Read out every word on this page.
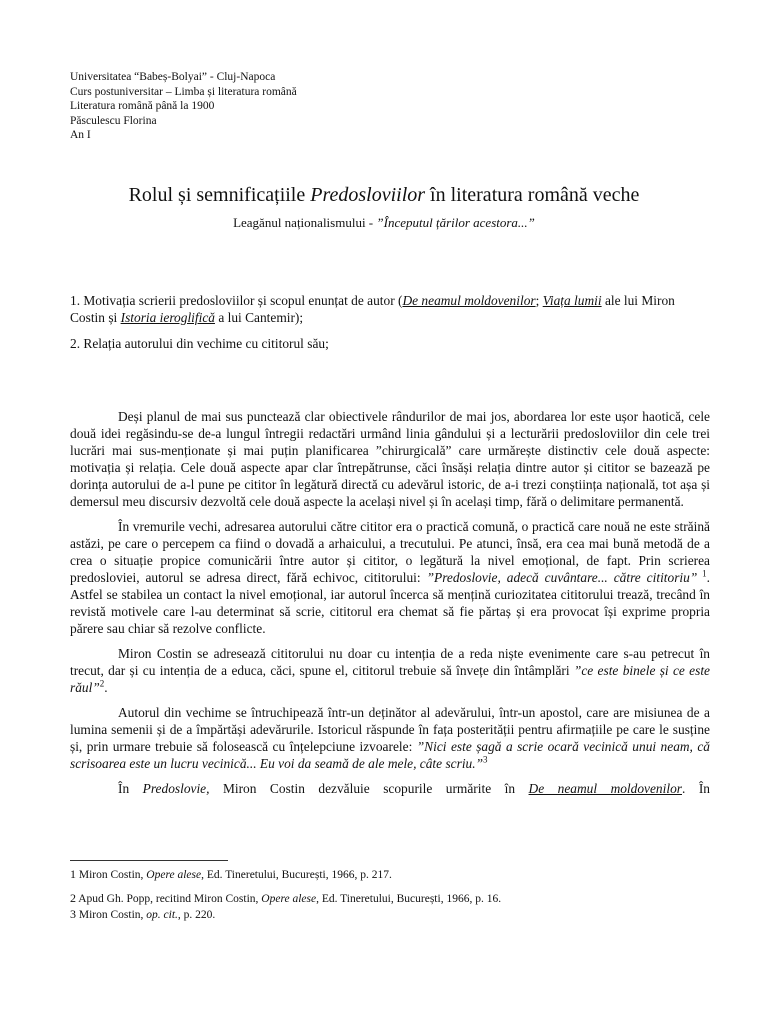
Universitatea “Babeș-Bolyai” - Cluj-Napoca
Curs postuniversitar – Limba și literatura română
Literatura română până la 1900
Păsculescu Florina
An I
Rolul și semnificațiile Predosloviilor în literatura română veche
Leagănul naționalismului - ”Începutul țărilor acestora...”

1. Motivația scrierii predosloviilor și scopul enunțat de autor (De neamul moldovenilor; Viața lumii ale lui Miron Costin și Istoria ieroglifică a lui Cantemir);

2. Relația autorului din vechime cu cititorul său;

Deși planul de mai sus punctează clar obiectivele rândurilor de mai jos, abordarea lor este ușor haotică, cele două idei regăsindu-se de-a lungul întregii redactări urmând linia gândului și a lecturării predosloviilor din cele trei lucrări mai sus-menționate și mai puțin planificarea ”chirurgicală” care urmărește distinctiv cele două aspecte: motivația și relația. Cele două aspecte apar clar întrepătrunse, căci însăși relația dintre autor și cititor se bazează pe dorința autorului de a-l pune pe cititor în legătură directă cu adevărul istoric, de a-i trezi conștiința națională, tot așa și demersul meu discursiv dezvoltă cele două aspecte la același nivel și în același timp, fără o delimitare permanentă.

În vremurile vechi, adresarea autorului către cititor era o practică comună, o practică care nouă ne este străină astăzi, pe care o percepem ca fiind o dovadă a arhaicului, a trecutului. Pe atunci, însă, era cea mai bună metodă de a crea o situație propice comunicării între autor și cititor, o legătură la nivel emoțional, de fapt. Prin scrierea predosloviei, autorul se adresa direct, fără echivoc, cititorului: ”Predoslovie, adecă cuvântare... către cititoriu” $^1$. Astfel se stabilea un contact la nivel emoțional, iar autorul încerca să mențină curiozitatea cititorului trează, trecând în revistă motivele care l-au determinat să scrie, cititorul era chemat să fie părtaș și era provocat își exprime propria părere sau chiar să rezolve conflicte.

Miron Costin se adresează cititorului nu doar cu intenția de a reda niște evenimente care s-au petrecut în trecut, dar și cu intenția de a educa, căci, spune el, cititorul trebuie să învețe din întâmplări ”ce este binele și ce este răul”$^2$.

Autorul din vechime se întruchipează într-un deținător al adevărului, într-un apostol, care are misiunea de a lumina semenii și de a împărtăși adevărurile. Istoricul răspunde în fața posterității pentru afirmațiile pe care le susține și, prin urmare trebuie să folosească cu înțelepciune izvoarele: ”Nici este șagă a scrie ocară vecinică unui neam, că scrisoarea este un lucru vecinică... Eu voi da seamă de ale mele, câte scriu.”$^3$

În Predoslovie, Miron Costin dezvăluie scopurile urmărite în De neamul moldovenilor. În

1 Miron Costin, Opere alese, Ed. Tineretului, București, 1966, p. 217.
2 Apud Gh. Popp, recitind Miron Costin, Opere alese, Ed. Tineretului, București, 1966, p. 16.
3 Miron Costin, op. cit., p. 220.
